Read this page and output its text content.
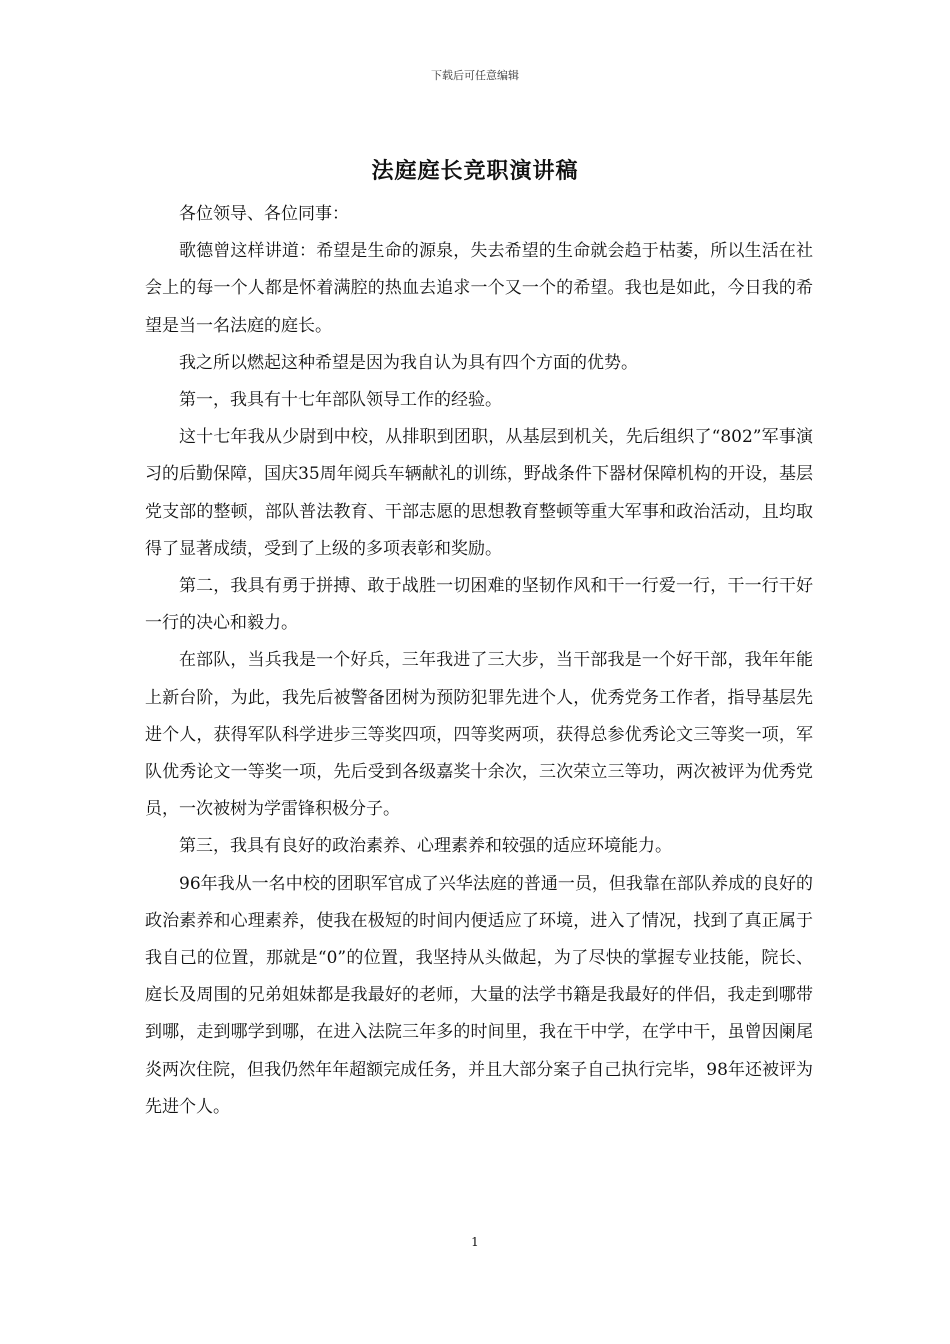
下载后可任意编辑
法庭庭长竞职演讲稿

各位领导、各位同事：

歌德曾这样讲道：希望是生命的源泉，失去希望的生命就会趋于枯萎，所以生活在社会上的每一个人都是怀着满腔的热血去追求一个又一个的希望。我也是如此，今日我的希望是当一名法庭的庭长。

我之所以燃起这种希望是因为我自认为具有四个方面的优势。

第一，我具有十七年部队领导工作的经验。

这十七年我从少尉到中校，从排职到团职，从基层到机关，先后组织了“802”军事演习的后勤保障，国庆35周年阅兵车辆献礼的训练，野战条件下器材保障机构的开设，基层党支部的整顿，部队普法教育、干部志愿的思想教育整顿等重大军事和政治活动，且均取得了显著成绩，受到了上级的多项表彰和奖励。

第二，我具有勇于拼搏、敢于战胜一切困难的坚韧作风和干一行爱一行，干一行干好一行的决心和毅力。

在部队，当兵我是一个好兵，三年我进了三大步，当干部我是一个好干部，我年年能上新台阶，为此，我先后被警备团树为预防犯罪先进个人，优秀党务工作者，指导基层先进个人，获得军队科学进步三等奖四项，四等奖两项，获得总参优秀论文三等奖一项，军队优秀论文一等奖一项，先后受到各级嘉奖十余次，三次荣立三等功，两次被评为优秀党员，一次被树为学雷锋积极分子。

第三，我具有良好的政治素养、心理素养和较强的适应环境能力。

96年我从一名中校的团职军官成了兴华法庭的普通一员，但我靠在部队养成的良好的政治素养和心理素养，使我在极短的时间内便适应了环境，进入了情况，找到了真正属于我自己的位置，那就是“0”的位置，我坚持从头做起，为了尽快的掌握专业技能，院长、庭长及周围的兄弟姐妹都是我最好的老师，大量的法学书籍是我最好的伴侣，我走到哪带到哪，走到哪学到哪，在进入法院三年多的时间里，我在干中学，在学中干，虽曾因阑尾炎两次住院，但我仍然年年超额完成任务，并且大部分案子自己执行完毕，98年还被评为先进个人。

1
